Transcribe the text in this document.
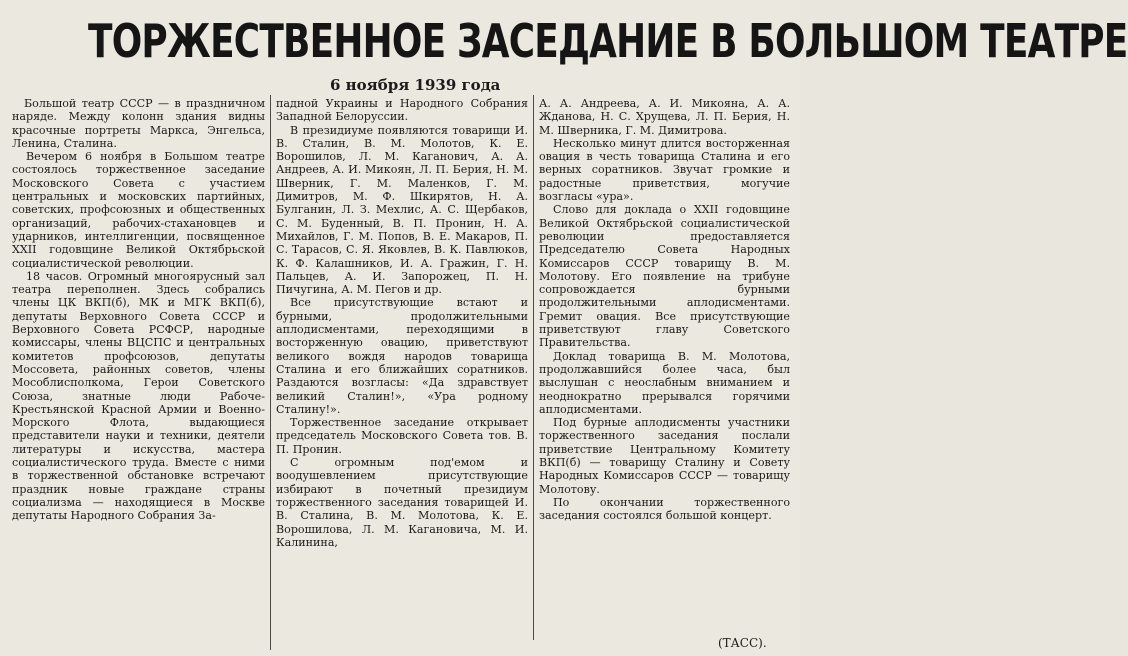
ТОРЖЕСТВЕННОЕ ЗАСЕДАНИЕ В БОЛЬШОМ ТЕАТРЕ
6 ноября 1939 года

Большой театр СССР — в праздничном наряде. Между колонн здания видны красочные портреты Маркса, Энгельса, Ленина, Сталина.

Вечером 6 ноября в Большом театре состоялось торжественное заседание Московского Совета с участием центральных и московских партийных, советских, профсоюзных и общественных организаций, рабочих-стахановцев и ударников, интеллигенции, посвященное XXII годовщине Великой Октябрьской социалистической революции.

18 часов. Огромный многоярусный зал театра переполнен. Здесь собрались члены ЦК ВКП(б), МК и МГК ВКП(б), депутаты Верховного Совета СССР и Верховного Совета РСФСР, народные комиссары, члены ВЦСПС и центральных комитетов профсоюзов, депутаты Моссовета, районных советов, члены Мособлисполкома, Герои Советского Союза, знатные люди Рабоче-Крестьянской Красной Армии и Военно-Морского Флота, выдающиеся представители науки и техники, деятели литературы и искусства, мастера социалистического труда. Вместе с ними в торжественной обстановке встречают праздник новые граждане страны социализма — находящиеся в Москве депутаты Народного Собрания За-

падной Украины и Народного Собрания Западной Белоруссии.

В президиуме появляются товарищи И. В. Сталин, В. М. Молотов, К. Е. Ворошилов, Л. М. Каганович, А. А. Андреев, А. И. Микоян, Л. П. Берия, Н. М. Шверник, Г. М. Маленков, Г. М. Димитров, М. Ф. Шкирятов, Н. А. Булганин, Л. З. Мехлис, А. С. Щербаков, С. М. Буденный, В. П. Пронин, Н. А. Михайлов, Г. М. Попов, В. Е. Макаров, П. С. Тарасов, С. Я. Яковлев, В. К. Павлюков, К. Ф. Калашников, И. А. Гражин, Г. Н. Пальцев, А. И. Запорожец, П. Н. Пичугина, А. М. Пегов и др.

Все присутствующие встают и бурными, продолжительными аплодисментами, переходящими в восторженную овацию, приветствуют великого вождя народов товарища Сталина и его ближайших соратников. Раздаются возгласы: «Да здравствует великий Сталин!», «Ура родному Сталину!».

Торжественное заседание открывает председатель Московского Совета тов. В. П. Пронин.

С огромным под'емом и воодушевлением присутствующие избирают в почетный президиум торжественного заседания товарищей И. В. Сталина, В. М. Молотова, К. Е. Ворошилова, Л. М. Кагановича, М. И. Калинина,

А. А. Андреева, А. И. Микояна, А. А. Жданова, Н. С. Хрущева, Л. П. Берия, Н. М. Шверника, Г. М. Димитрова.

Несколько минут длится восторженная овация в честь товарища Сталина и его верных соратников. Звучат громкие и радостные приветствия, могучие возгласы «ура».

Слово для доклада о XXII годовщине Великой Октябрьской социалистической революции предоставляется Председателю Совета Народных Комиссаров СССР товарищу В. М. Молотову. Его появление на трибуне сопровождается бурными продолжительными аплодисментами. Гремит овация. Все присутствующие приветствуют главу Советского Правительства.

Доклад товарища В. М. Молотова, продолжавшийся более часа, был выслушан с неослабным вниманием и неоднократно прерывался горячими аплодисментами.

Под бурные аплодисменты участники торжественного заседания послали приветствие Центральному Комитету ВКП(б) — товарищу Сталину и Совету Народных Комиссаров СССР — товарищу Молотову.

По окончании торжественного заседания состоялся большой концерт.

(ТАСС).
